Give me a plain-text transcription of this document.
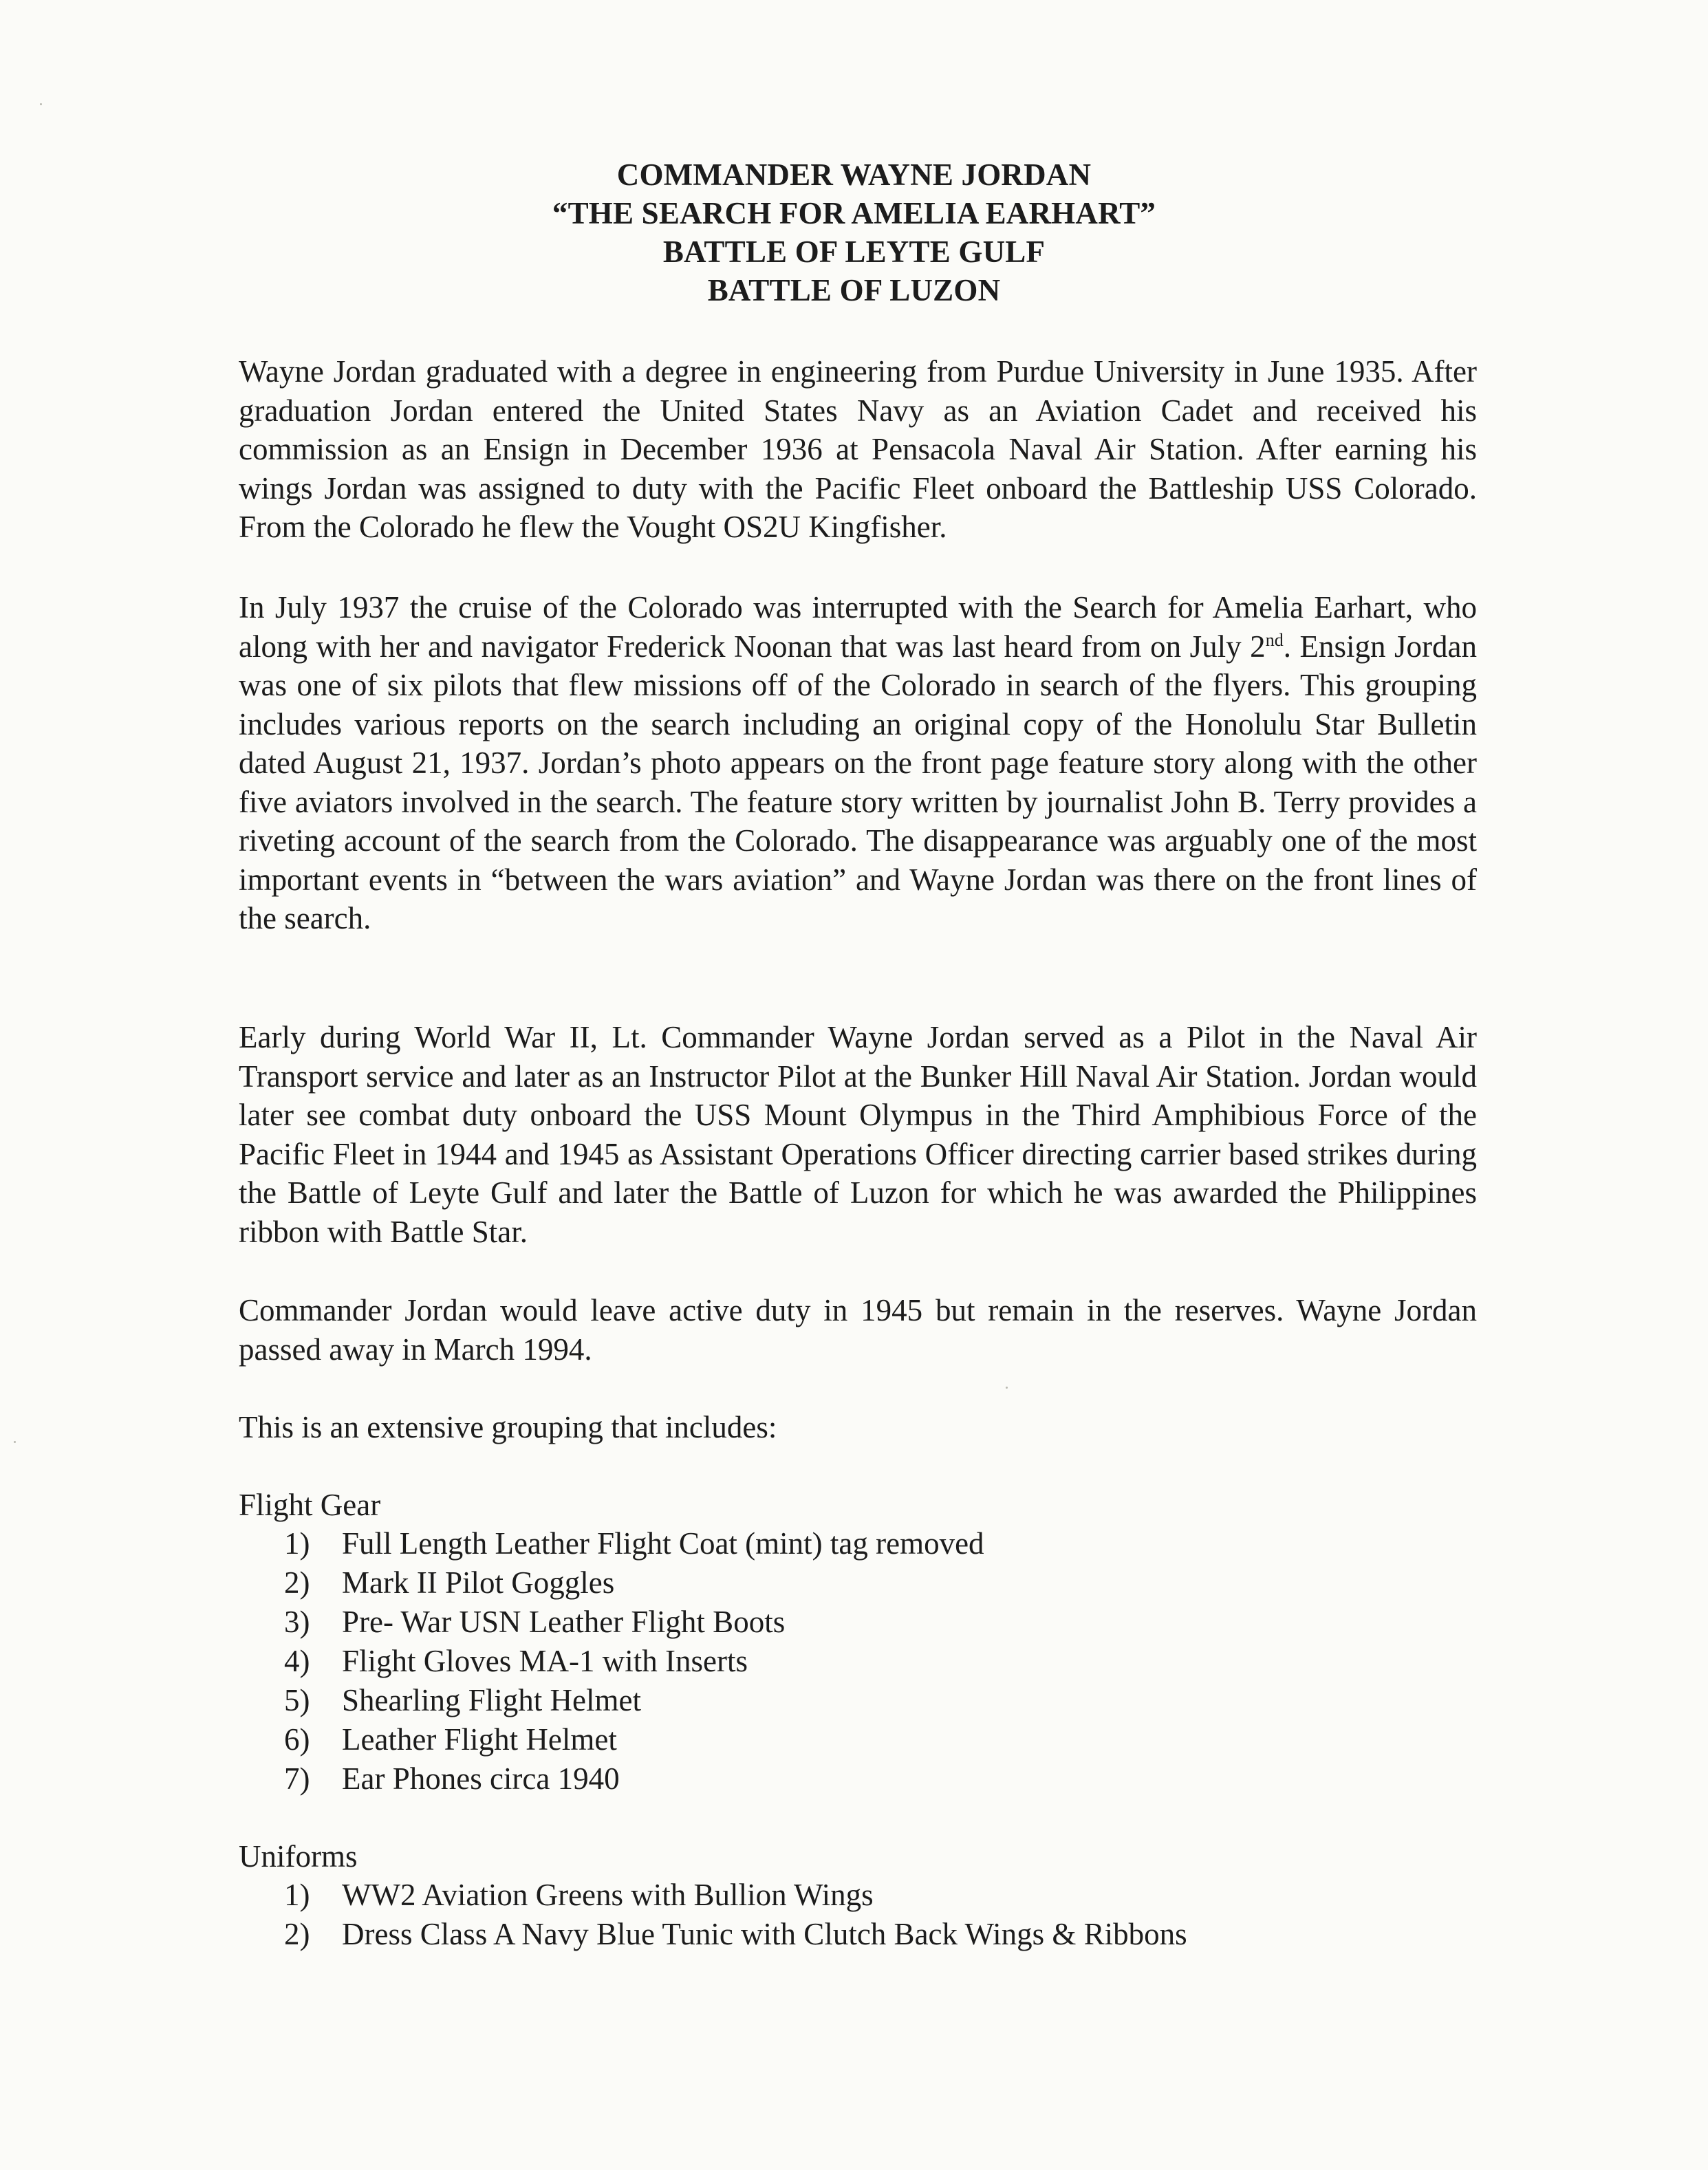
COMMANDER WAYNE JORDAN
“THE SEARCH FOR AMELIA EARHART”
BATTLE OF LEYTE GULF
BATTLE OF LUZON

Wayne Jordan graduated with a degree in engineering from Purdue University in June 1935. After graduation Jordan entered the United States Navy as an Aviation Cadet and received his commission as an Ensign in December 1936 at Pensacola Naval Air Station. After earning his wings Jordan was assigned to duty with the Pacific Fleet onboard the Battleship USS Colorado. From the Colorado he flew the Vought OS2U Kingfisher.

In July 1937 the cruise of the Colorado was interrupted with the Search for Amelia Earhart, who along with her and navigator Frederick Noonan that was last heard from on July 2nd. Ensign Jordan was one of six pilots that flew missions off of the Colorado in search of the flyers. This grouping includes various reports on the search including an original copy of the Honolulu Star Bulletin dated August 21, 1937. Jordan’s photo appears on the front page feature story along with the other five aviators involved in the search. The feature story written by journalist John B. Terry provides a riveting account of the search from the Colorado. The disappearance was arguably one of the most important events in “between the wars aviation” and Wayne Jordan was there on the front lines of the search.

Early during World War II, Lt. Commander Wayne Jordan served as a Pilot in the Naval Air Transport service and later as an Instructor Pilot at the Bunker Hill Naval Air Station. Jordan would later see combat duty onboard the USS Mount Olympus in the Third Amphibious Force of the Pacific Fleet in 1944 and 1945 as Assistant Operations Officer directing carrier based strikes during the Battle of Leyte Gulf and later the Battle of Luzon for which he was awarded the Philippines ribbon with Battle Star.

Commander Jordan would leave active duty in 1945 but remain in the reserves. Wayne Jordan passed away in March 1994.

This is an extensive grouping that includes:

Flight Gear
1) Full Length Leather Flight Coat (mint) tag removed
2) Mark II Pilot Goggles
3) Pre- War USN Leather Flight Boots
4) Flight Gloves MA-1 with Inserts
5) Shearling Flight Helmet
6) Leather Flight Helmet
7) Ear Phones circa 1940
Uniforms
1) WW2 Aviation Greens with Bullion Wings
2) Dress Class A Navy Blue Tunic with Clutch Back Wings & Ribbons
